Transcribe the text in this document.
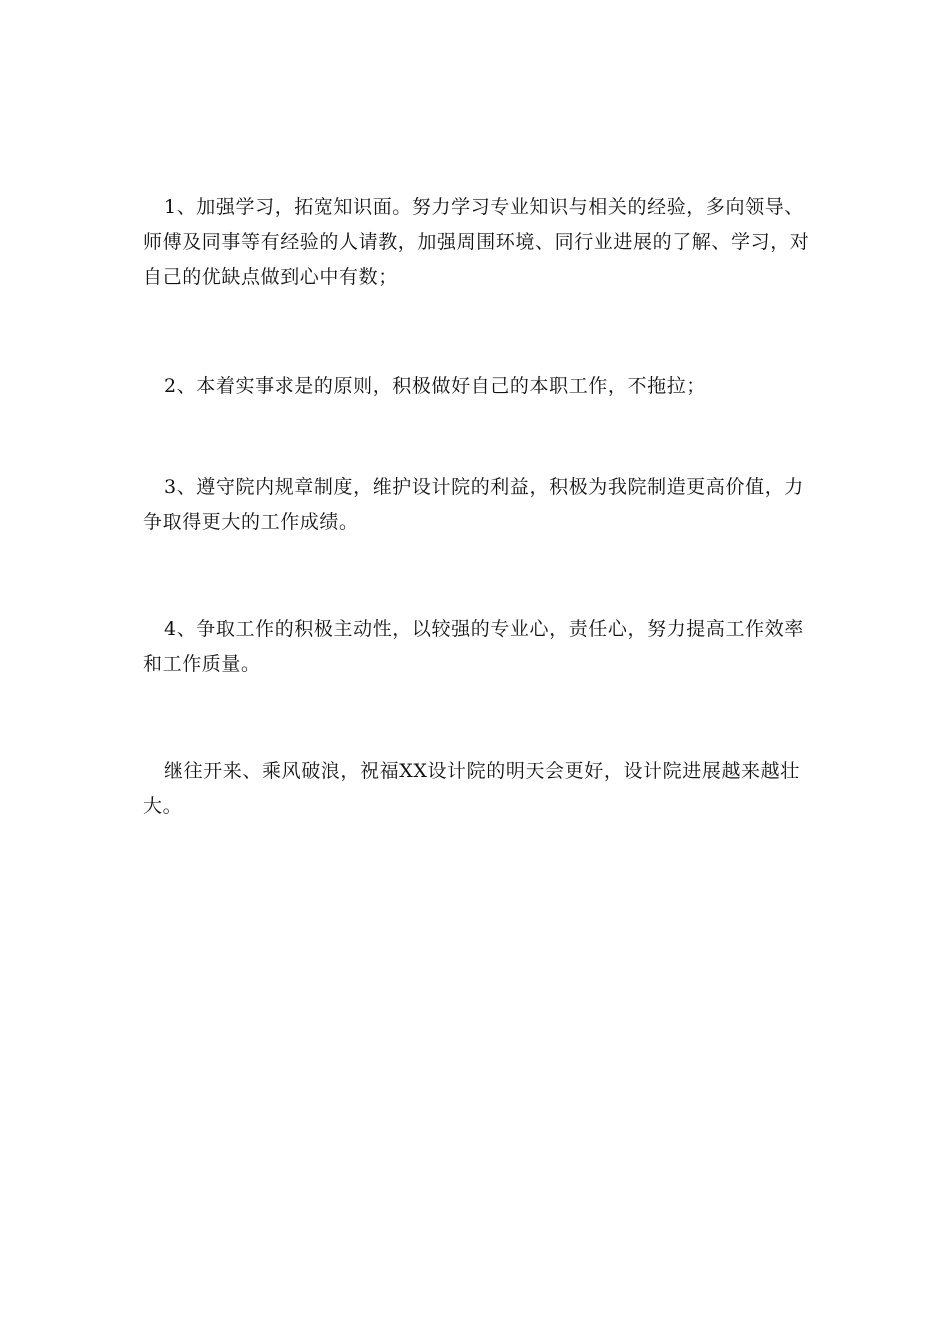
1、加强学习，拓宽知识面。努力学习专业知识与相关的经验，多向领导、师傅及同事等有经验的人请教，加强周围环境、同行业进展的了解、学习，对自己的优缺点做到心中有数；

2、本着实事求是的原则，积极做好自己的本职工作，不拖拉；

3、遵守院内规章制度，维护设计院的利益，积极为我院制造更高价值，力争取得更大的工作成绩。

4、争取工作的积极主动性，以较强的专业心，责任心，努力提高工作效率和工作质量。

继往开来、乘风破浪，祝福XX设计院的明天会更好，设计院进展越来越壮大。
